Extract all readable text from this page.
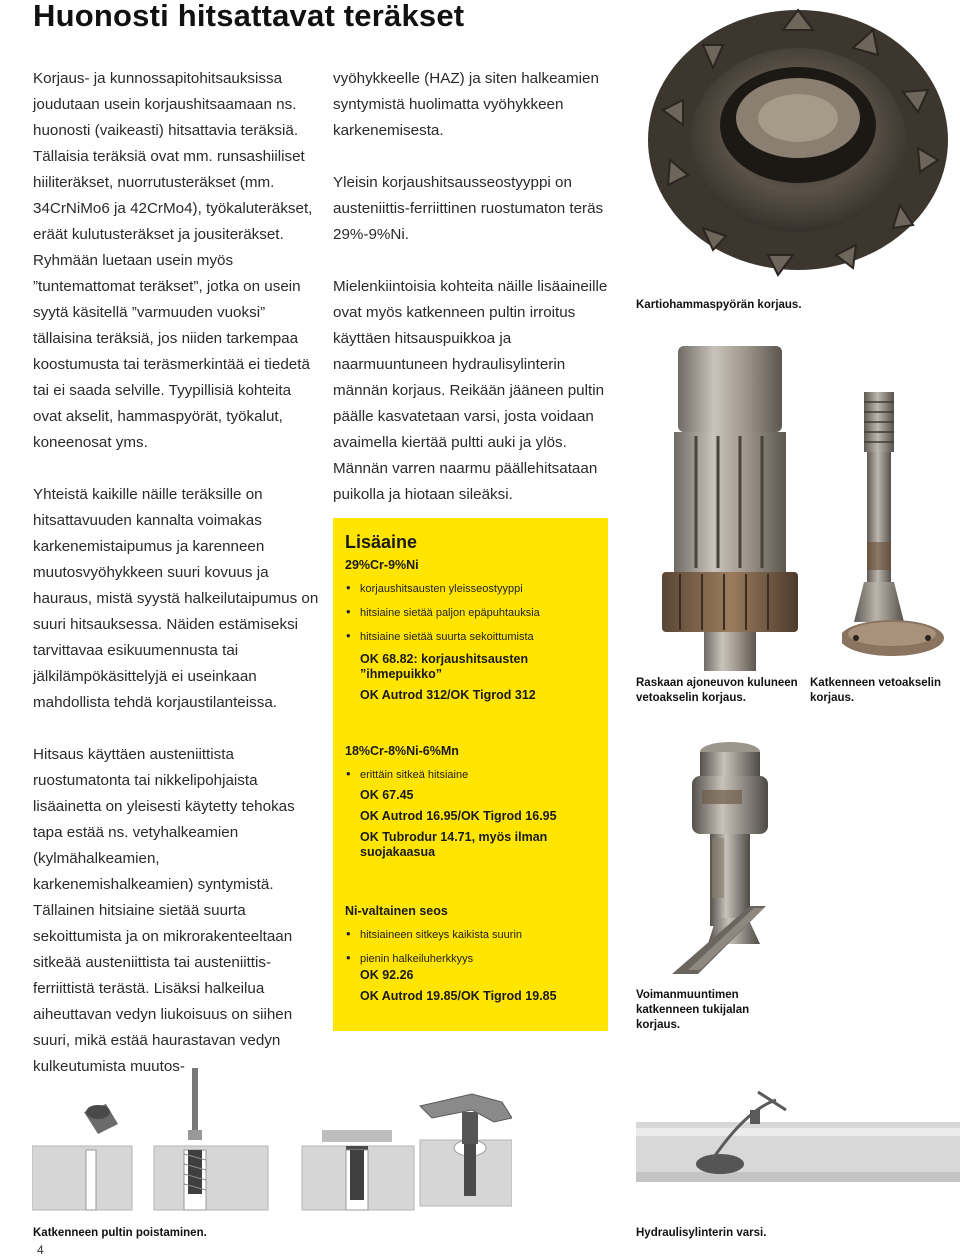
Huonosti hitsattavat teräkset

Korjaus- ja kunnossapitohitsauksissa joudutaan usein korjaushitsaamaan ns. huonosti (vaikeasti) hitsattavia teräksiä. Tällaisia teräksiä ovat mm. runsashiiliset hiiliteräkset, nuorrutusteräkset (mm. 34CrNiMo6 ja 42CrMo4), työkaluteräkset, eräät kulutusteräkset ja jousiteräkset. Ryhmään luetaan usein myös ”tuntemattomat teräkset”, jotka on usein syytä käsitellä ”varmuuden vuoksi” tällaisina teräksiä, jos niiden tarkempaa koostumusta tai teräsmerkintää ei tiedetä tai ei saada selville. Tyypillisiä kohteita ovat akselit, hammaspyörät, työkalut, koneenosat yms.

Yhteistä kaikille näille teräksille on hitsattavuuden kannalta voimakas karkenemistaipumus ja karenneen muutosvyöhykkeen suuri kovuus ja hauraus, mistä syystä halkeilutaipumus on suuri hitsauksessa. Näiden estämiseksi tarvittavaa esikuumennusta tai jälkilämpökäsittelyjä ei useinkaan mahdollista tehdä korjaustilanteissa.

Hitsaus käyttäen austeniittista ruostumatonta tai nikkelipohjaista lisäainetta on yleisesti käytetty tehokas tapa estää ns. vetyhalkeamien (kylmähalkeamien, karkenemishalkeamien) syntymistä. Tällainen hitsiaine sietää suurta sekoittumista ja on mikrorakenteeltaan sitkeää austeniittista tai austeniittis-ferriittistä terästä. Lisäksi halkeilua aiheuttavan vedyn liukoisuus on siihen suuri, mikä estää haurastavan vedyn kulkeutumista muutos-

vyöhykkeelle (HAZ) ja siten halkeamien syntymistä huolimatta vyöhykkeen karkenemisesta.

Yleisin korjaushitsausseostyyppi on austeniittis-ferriittinen ruostumaton teräs 29%-9%Ni.

Mielenkiintoisia kohteita näille lisäaineille ovat myös katkenneen pultin irroitus käyttäen hitsauspuikkoa ja naarmuuntuneen hydraulisylinterin männän korjaus. Reikään jääneen pultin päälle kasvatetaan varsi, josta voidaan avaimella kiertää pultti auki ja ylös. Männän varren naarmu päällehitsataan puikolla ja hiotaan sileäksi.

Lisäaine
29%Cr-9%Ni
• korjaushitsausten yleisseostyyppi
• hitsiaine sietää paljon epäpuhtauksia
• hitsiaine sietää suurta sekoittumista
OK 68.82: korjaushitsausten ”ihmepuikko”
OK Autrod 312/OK Tigrod 312
18%Cr-8%Ni-6%Mn
• erittäin sitkeä hitsiaine
OK 67.45
OK Autrod 16.95/OK Tigrod 16.95
OK Tubrodur 14.71, myös ilman suojakaasua
Ni-valtainen seos
• hitsiaineen sitkeys kaikista suurin
• pienin halkeiluherkkyys
OK 92.26
OK Autrod 19.85/OK Tigrod 19.85
Kartiohammaspyörän korjaus.
Raskaan ajoneuvon kuluneen vetoakselin korjaus.
Katkenneen vetoakselin korjaus.
Voimanmuuntimen katkenneen tukijalan korjaus.
Katkenneen pultin poistaminen.	Hydraulisylinterin varsi.
4
